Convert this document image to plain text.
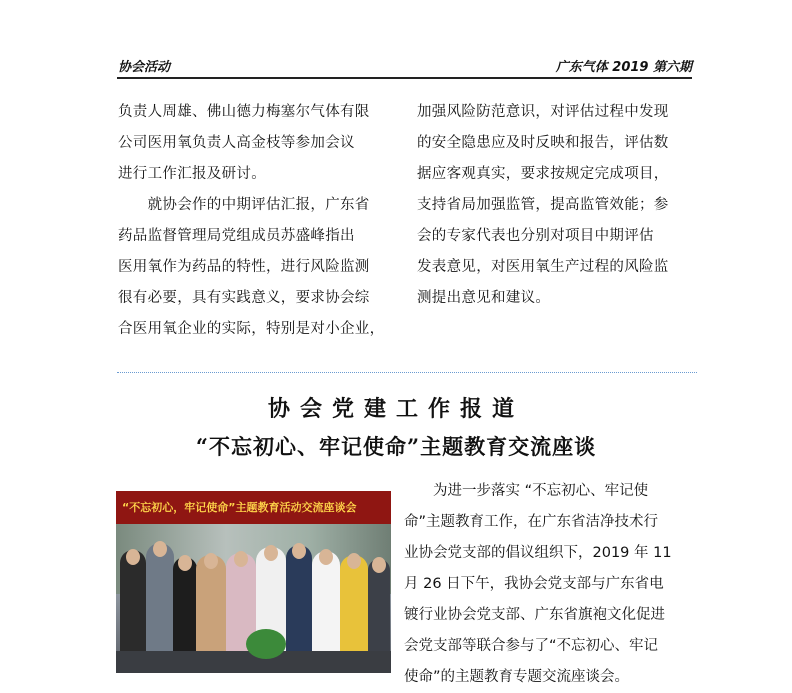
协会活动	广东气体 2019 第六期

负责人周雄、佛山德力梅塞尔气体有限

公司医用氧负责人高金枝等参加会议

进行工作汇报及研讨。

　　就协会作的中期评估汇报，广东省

药品监督管理局党组成员苏盛峰指出

医用氧作为药品的特性，进行风险监测

很有必要，具有实践意义，要求协会综

合医用氧企业的实际，特别是对小企业，

加强风险防范意识，对评估过程中发现

的安全隐患应及时反映和报告，评估数

据应客观真实，要求按规定完成项目，

支持省局加强监管，提高监管效能；参

会的专家代表也分别对项目中期评估

发表意见，对医用氧生产过程的风险监

测提出意见和建议。

协会党建工作报道
“不忘初心、牢记使命”主题教育交流座谈
“不忘初心，牢记使命”主题教育活动交流座谈会

　　为进一步落实 “不忘初心、牢记使

命”主题教育工作，在广东省洁净技术行

业协会党支部的倡议组织下，2019 年 11

月 26 日下午，我协会党支部与广东省电

镀行业协会党支部、广东省旗袍文化促进

会党支部等联合参与了“不忘初心、牢记

使命”的主题教育专题交流座谈会。
